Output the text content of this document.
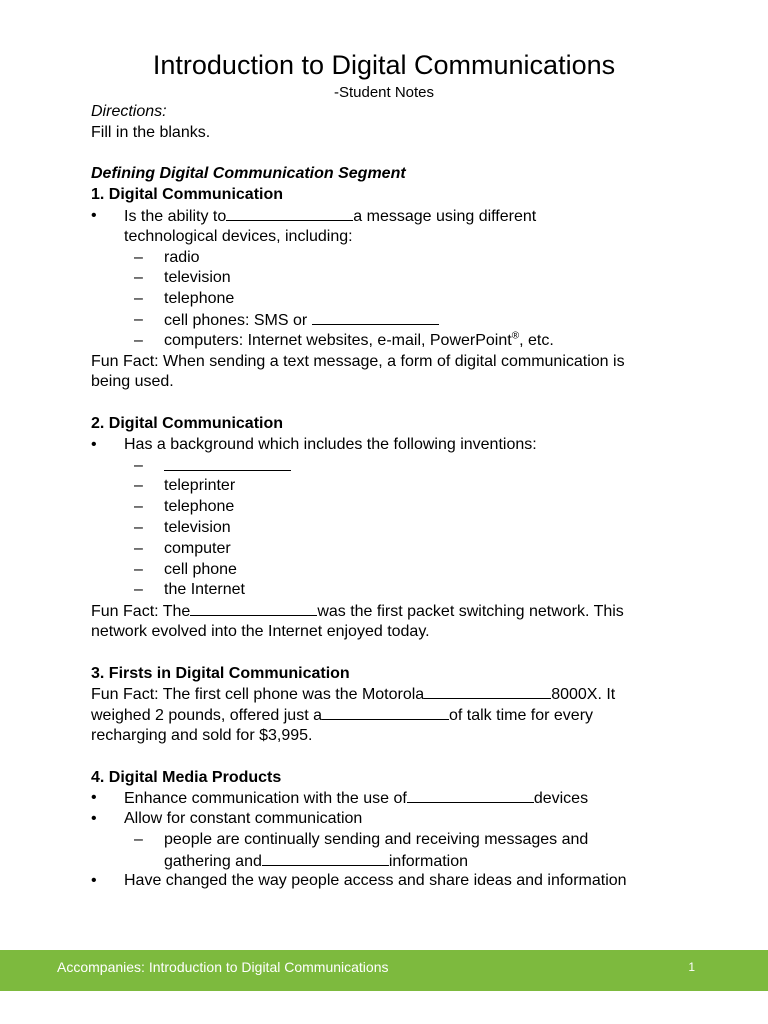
Introduction to Digital Communications
-Student Notes
Directions:
Fill in the blanks.
Defining Digital Communication Segment
1. Digital Communication
• Is the ability to	a message using different
technological devices, including:
– radio
– television
– telephone
– cell phones: SMS or
– computers: Internet websites, e-mail, PowerPoint®, etc.
Fun Fact: When sending a text message, a form of digital communication is
being used.
2. Digital Communication
• Has a background which includes the following inventions:
–
– teleprinter
– telephone
– television
– computer
– cell phone
– the Internet
Fun Fact: The	was the first packet switching network. This
network evolved into the Internet enjoyed today.
3. Firsts in Digital Communication
Fun Fact: The first cell phone was the Motorola	8000X. It
weighed 2 pounds, offered just a	of talk time for every
recharging and sold for $3,995.
4. Digital Media Products
• Enhance communication with the use of	devices
• Allow for constant communication
– people are continually sending and receiving messages and
gathering and	information
• Have changed the way people access and share ideas and information
Accompanies: Introduction to Digital Communications	1
